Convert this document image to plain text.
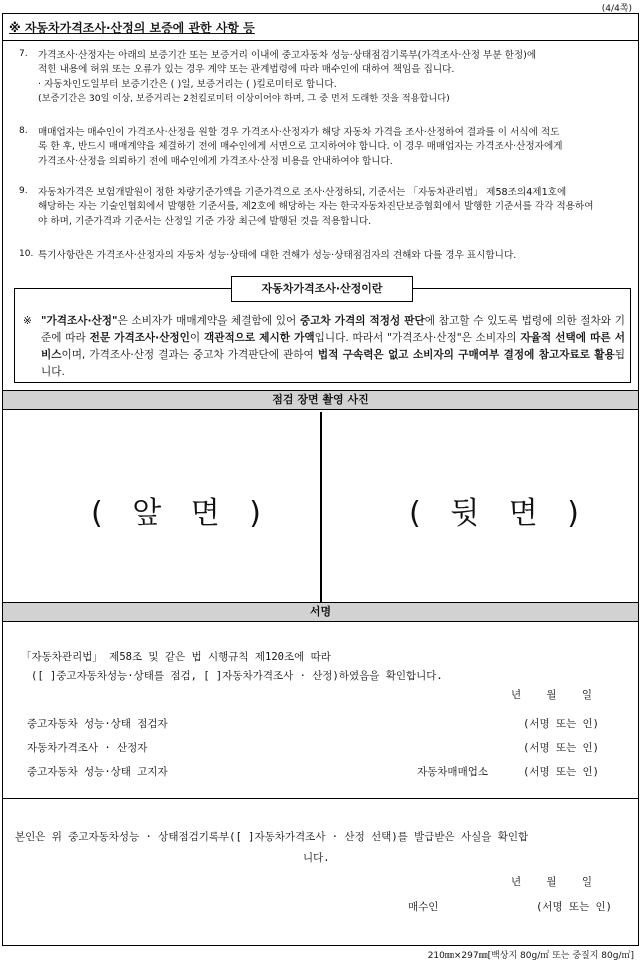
(4/4쪽)
※ 자동차가격조사·산정의 보증에 관한 사항 등
7. 가격조사·산정자는 아래의 보증기간 또는 보증거리 이내에 중고자동차 성능·상태점검기록부(가격조사·산정 부분 한정)에
적힌 내용에 허위 또는 오류가 있는 경우 계약 또는 관계법령에 따라 매수인에 대하여 책임을 집니다.
· 자동차인도일부터 보증기간은 ( )일, 보증거리는 ( )킬로미터로 합니다.
(보증기간은 30일 이상, 보증거리는 2천킬로미터 이상이어야 하며, 그 중 먼저 도래한 것을 적용합니다)
8. 매매업자는 매수인이 가격조사·산정을 원할 경우 가격조사·산정자가 해당 자동차 가격을 조사·산정하여 결과를 이 서식에 적도
록 한 후, 반드시 매매계약을 체결하기 전에 매수인에게 서면으로 고지하여야 합니다. 이 경우 매매업자는 가격조사·산정자에게
가격조사·산정을 의뢰하기 전에 매수인에게 가격조사·산정 비용을 안내하여야 합니다.
9. 자동차가격은 보험개발원이 정한 차량기준가액을 기준가격으로 조사·산정하되, 기준서는 「자동차관리법」 제58조의4제1호에
해당하는 자는 기술인협회에서 발행한 기준서를, 제2호에 해당하는 자는 한국자동차진단보증협회에서 발행한 기준서를 각각 적용하여
야 하며, 기준가격과 기준서는 산정일 기준 가장 최근에 발행된 것을 적용합니다.
10. 특기사항란은 가격조사·산정자의 자동차 성능·상태에 대한 견해가 성능·상태점검자의 견해와 다를 경우 표시합니다.
자동차가격조사·산정이란
※ "가격조사·산정"은 소비자가 매매계약을 체결함에 있어 중고차 가격의 적정성 판단에 참고할 수 있도록 법령에 의한 절차와 기준에 따라 전문 가격조사·산정인이 객관적으로 제시한 가액입니다. 따라서 "가격조사·산정"은 소비자의 자율적 선택에 따른 서비스이며, 가격조사·산정 결과는 중고차 가격판단에 관하여 법적 구속력은 없고 소비자의 구매여부 결정에 참고자료로 활용됩니다.
점검 장면 촬영 사진
( 앞 면 )	( 뒷 면 )
서명
「자동차관리법」 제58조 및 같은 법 시행규칙 제120조에 따라
([ ]중고자동차성능·상태를 점검, [ ]자동차가격조사 · 산정)하였음을 확인합니다.
년    월    일
중고자동차 성능·상태 점검자	(서명 또는 인)
자동차가격조사 · 산정자	(서명 또는 인)
중고자동차 성능·상태 고지자	자동차매매업소	(서명 또는 인)
본인은 위 중고자동차성능 · 상태점검기록부([ ]자동차가격조사 · 산정 선택)를 발급받은 사실을 확인합
니다.
년    월    일
매수인	(서명 또는 인)
210㎜×297㎜[백상지 80g/㎡ 또는 중질지 80g/㎡]
